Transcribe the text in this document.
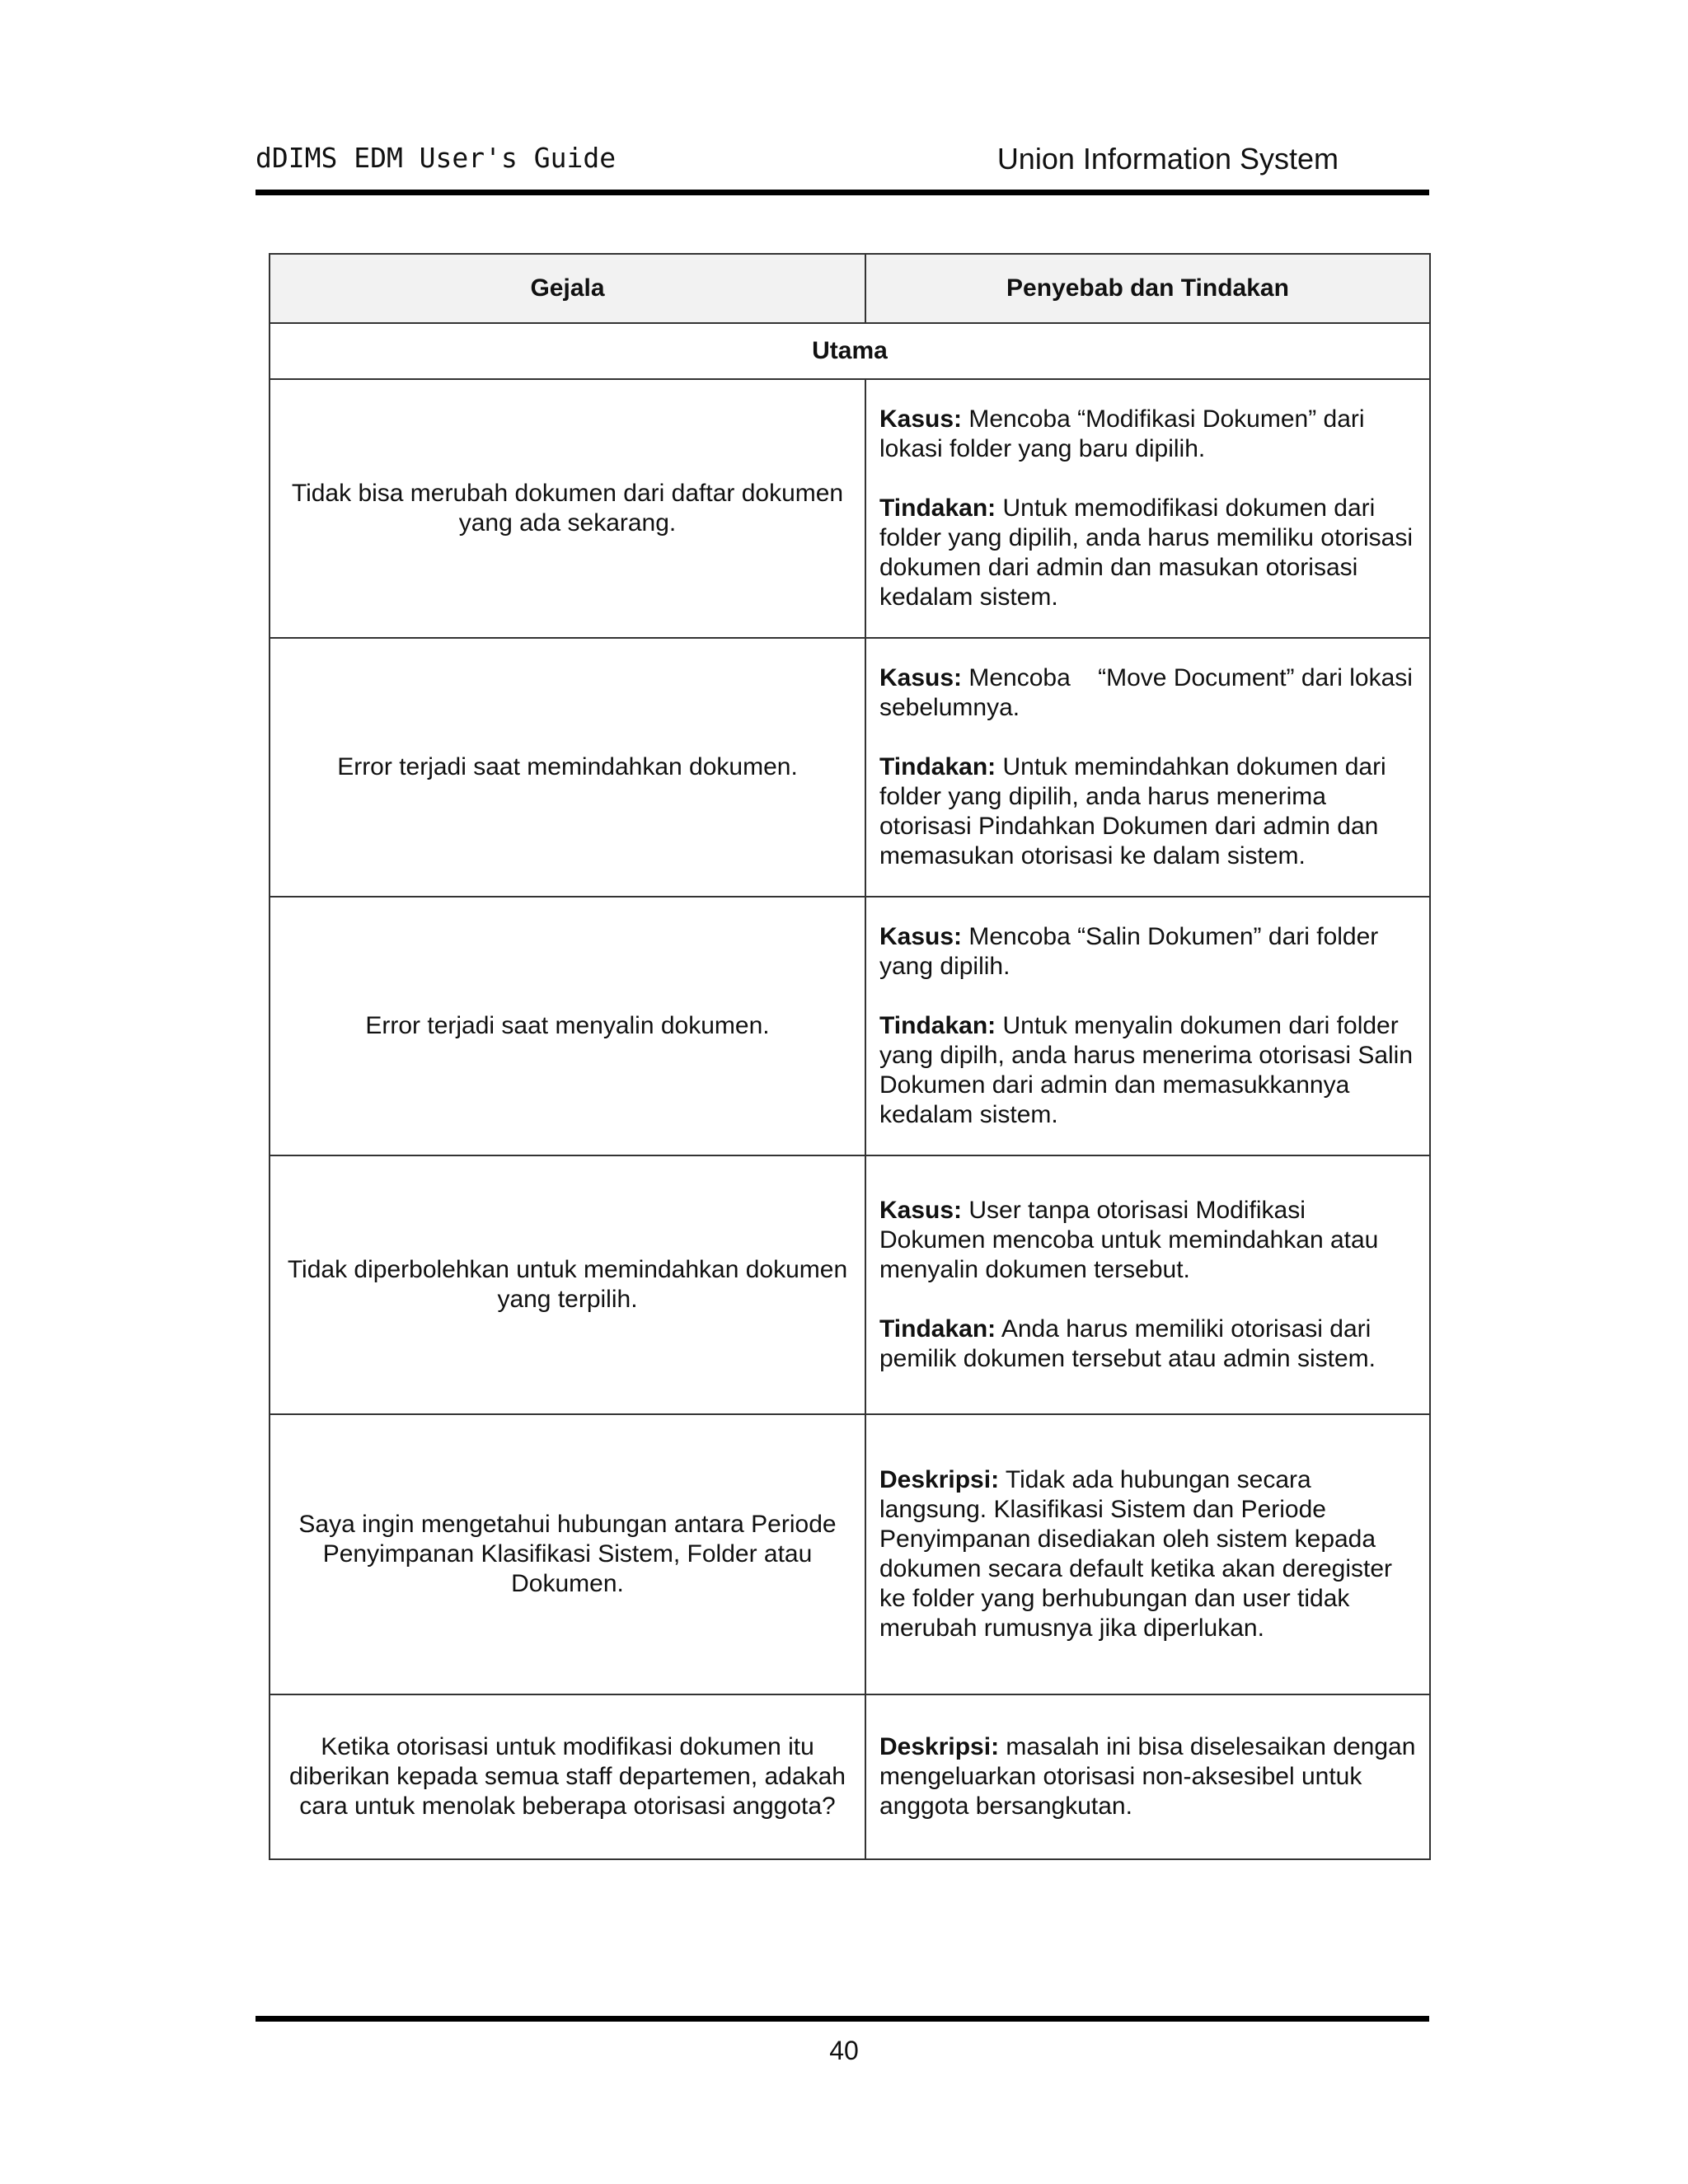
dDIMS EDM User's Guide	Union Information System
Gejala	Penyebab dan Tindakan
Utama	
Tidak bisa merubah dokumen dari daftar dokumen yang ada sekarang.	Kasus: Mencoba “Modifikasi Dokumen” dari lokasi folder yang baru dipilih.

Tindakan: Untuk memodifikasi dokumen dari folder yang dipilih, anda harus memiliku otorisasi dokumen dari admin dan masukan otorisasi kedalam sistem.

Error terjadi saat memindahkan dokumen.	Kasus: Mencoba    “Move Document” dari lokasi sebelumnya.

Tindakan: Untuk memindahkan dokumen dari folder yang dipilih, anda harus menerima otorisasi Pindahkan Dokumen dari admin dan memasukan otorisasi ke dalam sistem.

Error terjadi saat menyalin dokumen.	Kasus: Mencoba “Salin Dokumen” dari folder yang dipilih.

Tindakan: Untuk menyalin dokumen dari folder yang dipilh, anda harus menerima otorisasi Salin Dokumen dari admin dan memasukkannya kedalam sistem.

Tidak diperbolehkan untuk memindahkan dokumen yang terpilih.	Kasus: User tanpa otorisasi Modifikasi Dokumen mencoba untuk memindahkan atau menyalin dokumen tersebut.

Tindakan: Anda harus memiliki otorisasi dari pemilik dokumen tersebut atau admin sistem.

Saya ingin mengetahui hubungan antara Periode Penyimpanan Klasifikasi Sistem, Folder atau Dokumen.	Deskripsi: Tidak ada hubungan secara langsung. Klasifikasi Sistem dan Periode Penyimpanan disediakan oleh sistem kepada dokumen secara default ketika akan deregister ke folder yang berhubungan dan user tidak merubah rumusnya jika diperlukan.

Ketika otorisasi untuk modifikasi dokumen itu diberikan kepada semua staff departemen, adakah cara untuk menolak beberapa otorisasi anggota?	Deskripsi: masalah ini bisa diselesaikan dengan mengeluarkan otorisasi non-aksesibel untuk anggota bersangkutan.

40
